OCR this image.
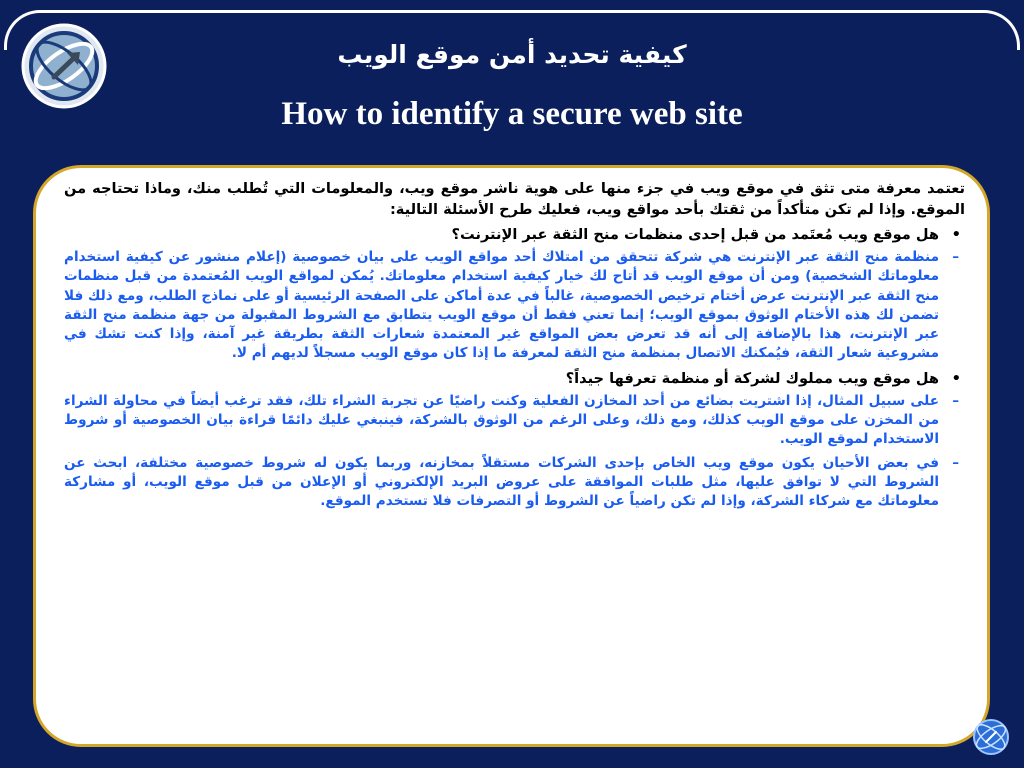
كيفية تحديد أمن موقع الويب
How to identify a secure web site

تعتمد معرفة متى تثق في موقع ويب في جزء منها على هوية ناشر موقع ويب، والمعلومات التي تُطلب منك، وماذا تحتاجه من الموقع. وإذا لم تكن متأكداً من ثقتك بأحد مواقع ويب، فعليك طرح الأسئلة التالية:

•
هل موقع ويب مُعتَمد من قبل إحدى منظمات منح الثقة عبر الإنترنت؟
–
منظمة منح الثقة عبر الإنترنت هي شركة تتحقق من امتلاك أحد مواقع الويب على بيان خصوصية (إعلام منشور عن كيفية استخدام معلوماتك الشخصية) ومن أن موقع الويب قد أتاح لك خيار كيفية استخدام معلوماتك. يُمكن لمواقع الويب المُعتمدة من قبل منظمات منح الثقة عبر الإنترنت عرض أختام ترخيص الخصوصية، غالباً في عدة أماكن على الصفحة الرئيسية أو على نماذج الطلب، ومع ذلك فلا تضمن لك هذه الأختام الوثوق بموقع الويب؛ إنما تعني فقط أن موقع الويب يتطابق مع الشروط المقبولة من جهة منظمة منح الثقة عبر الإنترنت، هذا بالإضافة إلى أنه قد تعرض بعض المواقع غير المعتمدة شعارات الثقة بطريقة غير آمنة، وإذا كنت تشك في مشروعية شعار الثقة، فيُمكنك الاتصال بمنظمة منح الثقة لمعرفة ما إذا كان موقع الويب مسجلاً لديهم أم لا.
•
هل موقع ويب مملوك لشركة أو منظمة تعرفها جيداً؟
–
على سبيل المثال، إذا اشتريت بضائع من أحد المخازن الفعلية وكنت راضيًا عن تجربة الشراء تلك، فقد ترغب أيضاً في محاولة الشراء من المخزن على موقع الويب كذلك، ومع ذلك، وعلى الرغم من الوثوق بالشركة، فينبغي عليك دائمًا قراءة بيان الخصوصية أو شروط الاستخدام لموقع الويب.
–
في بعض الأحيان يكون موقع ويب الخاص بإحدى الشركات مستقلاً بمخازنه، وربما يكون له شروط خصوصية مختلفة، ابحث عن الشروط التي لا توافق عليها، مثل طلبات الموافقة على عروض البريد الإلكتروني أو الإعلان من قبل موقع الويب، أو مشاركة معلوماتك مع شركاء الشركة، وإذا لم تكن راضياً عن الشروط أو التصرفات فلا تستخدم الموقع.
